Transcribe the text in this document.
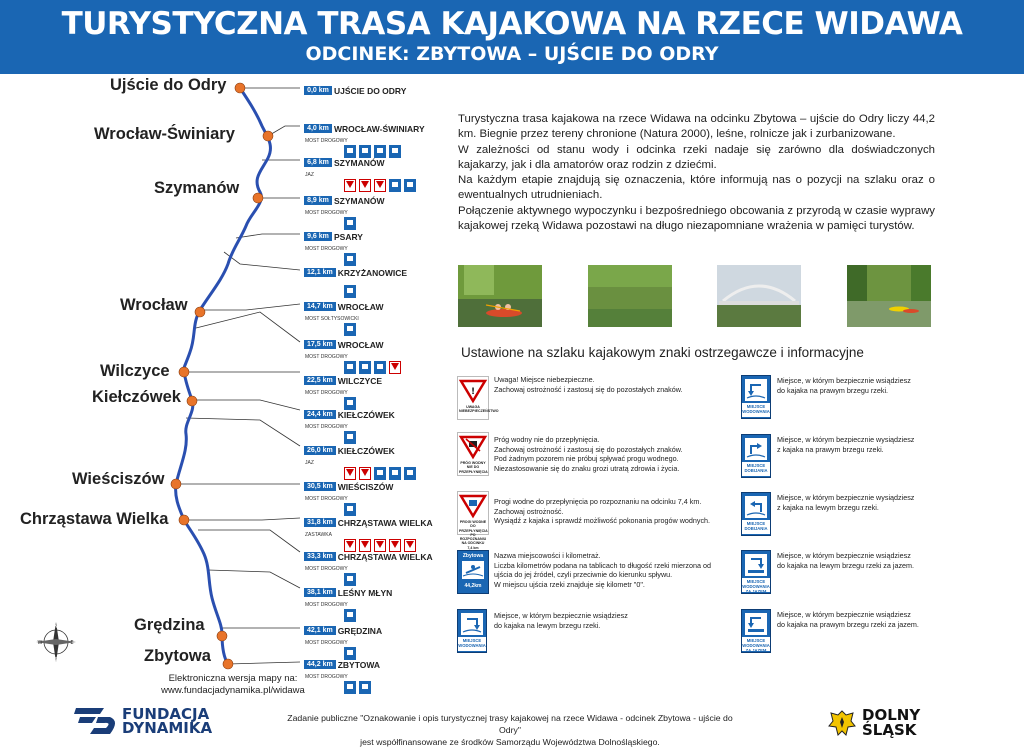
TURYSTYCZNA TRASA KAJAKOWA NA RZECE WIDAWA
ODCINEK: ZBYTOWA – UJŚCIE DO ODRY
Ujście do Odry
Wrocław-Świniary
Szymanów
Wrocław
Wilczyce
Kiełczówek
Wieściszów
Chrząstawa Wielka
Grędzina
Zbytowa
0,0 km UJŚCIE DO ODRY
4,0 km WROCŁAW-ŚWINIARY
MOST DROGOWY
6,8 km SZYMANÓW
JAZ
8,9 km SZYMANÓW
MOST DROGOWY
9,6 km PSARY
MOST DROGOWY
12,1 km KRZYŻANOWICE
14,7 km WROCŁAW
MOST SOŁTYSOWICKI
17,5 km WROCŁAW
MOST DROGOWY
22,5 km WILCZYCE
MOST DROGOWY
24,4 km KIEŁCZÓWEK
MOST DROGOWY
26,0 km KIEŁCZÓWEK
JAZ
30,5 km WIEŚCISZÓW
MOST DROGOWY
31,8 km CHRZĄSTAWA WIELKA
ZASTAWKA
33,3 km CHRZĄSTAWA WIELKA
MOST DROGOWY
38,1 km LEŚNY MŁYN
MOST DROGOWY
42,1 km GRĘDZINA
MOST DROGOWY
44,2 km ZBYTOWA
MOST DROGOWY
N
E
S
W
Elektroniczna wersja mapy na:
www.fundacjadynamika.pl/widawa

Turystyczna trasa kajakowa na rzece Widawa na odcinku Zbytowa – ujście do Odry liczy 44,2 km. Biegnie przez tereny chronione (Natura 2000), leśne, rolnicze jak i zurbanizowane.

W zależności od stanu wody i odcinka rzeki nadaje się zarówno dla doświadczonych kajakarzy, jak i dla amatorów oraz rodzin z dziećmi.

Na każdym etapie znajdują się oznaczenia, które informują nas o pozycji na szlaku oraz o ewentualnych utrudnieniach.

Połączenie aktywnego wypoczynku i bezpośredniego obcowania z przyrodą w czasie wyprawy kajakowej rzeką Widawa pozostawi na długo niezapomniane wrażenia w pamięci turystów.

Ustawione na szlaku kajakowym znaki ostrzegawcze i informacyjne
!
UWAGA NIEBEZPIECZEŃSTWO
Uwaga! Miejsce niebezpieczne.
Zachowaj ostrożność i zastosuj się do pozostałych znaków.
PRÓG WODNY NIE DO PRZEPŁYNIĘCIA
Próg wodny nie do przepłynięcia.
Zachowaj ostrożność i zastosuj się do pozostałych znaków.
Pod żadnym pozorem nie próbuj spływać progu wodnego.
Niezastosowanie się do znaku grozi utratą zdrowia i życia.
PROGI WODNE DO PRZEPŁYNIĘCIA PO ROZPOZNANIU NA ODCINKU 7,4 km
Progi wodne do przepłynięcia po rozpoznaniu na odcinku 7,4 km.
Zachowaj ostrożność.
Wysiądź z kajaka i sprawdź możliwość pokonania progów wodnych.
Zbytowa
44,2km
Nazwa miejscowości i kilometraż.
Liczba kilometrów podana na tablicach to długość rzeki mierzona od ujścia do jej źródeł, czyli przeciwnie do kierunku spływu.
W miejscu ujścia rzeki znajduje się kilometr "0".
MIEJSCE WODOWANIA
Miejsce, w którym bezpiecznie wsiądziesz
do kajaka na lewym brzegu rzeki.
MIEJSCE WODOWANIA
Miejsce, w którym bezpiecznie wsiądziesz
do kajaka na prawym brzegu rzeki.
MIEJSCE DOBIJANIA
Miejsce, w którym bezpiecznie wysiądziesz
z kajaka na prawym brzegu rzeki.
MIEJSCE DOBIJANIA
Miejsce, w którym bezpiecznie wysiądziesz
z kajaka na lewym brzegu rzeki.
MIEJSCE WODOWANIA ZA JAZEM
Miejsce, w którym bezpiecznie wsiądziesz
do kajaka na lewym brzegu rzeki za jazem.
MIEJSCE WODOWANIA ZA JAZEM
Miejsce, w którym bezpiecznie wsiądziesz
do kajaka na prawym brzegu rzeki za jazem.
FUNDACJA
DYNAMIKA
Zadanie publiczne "Oznakowanie i opis turystycznej trasy kajakowej na rzece Widawa - odcinek Zbytowa - ujście do Odry"
jest współfinansowane ze środków Samorządu Województwa Dolnośląskiego.
DOLNY
ŚLĄSK
